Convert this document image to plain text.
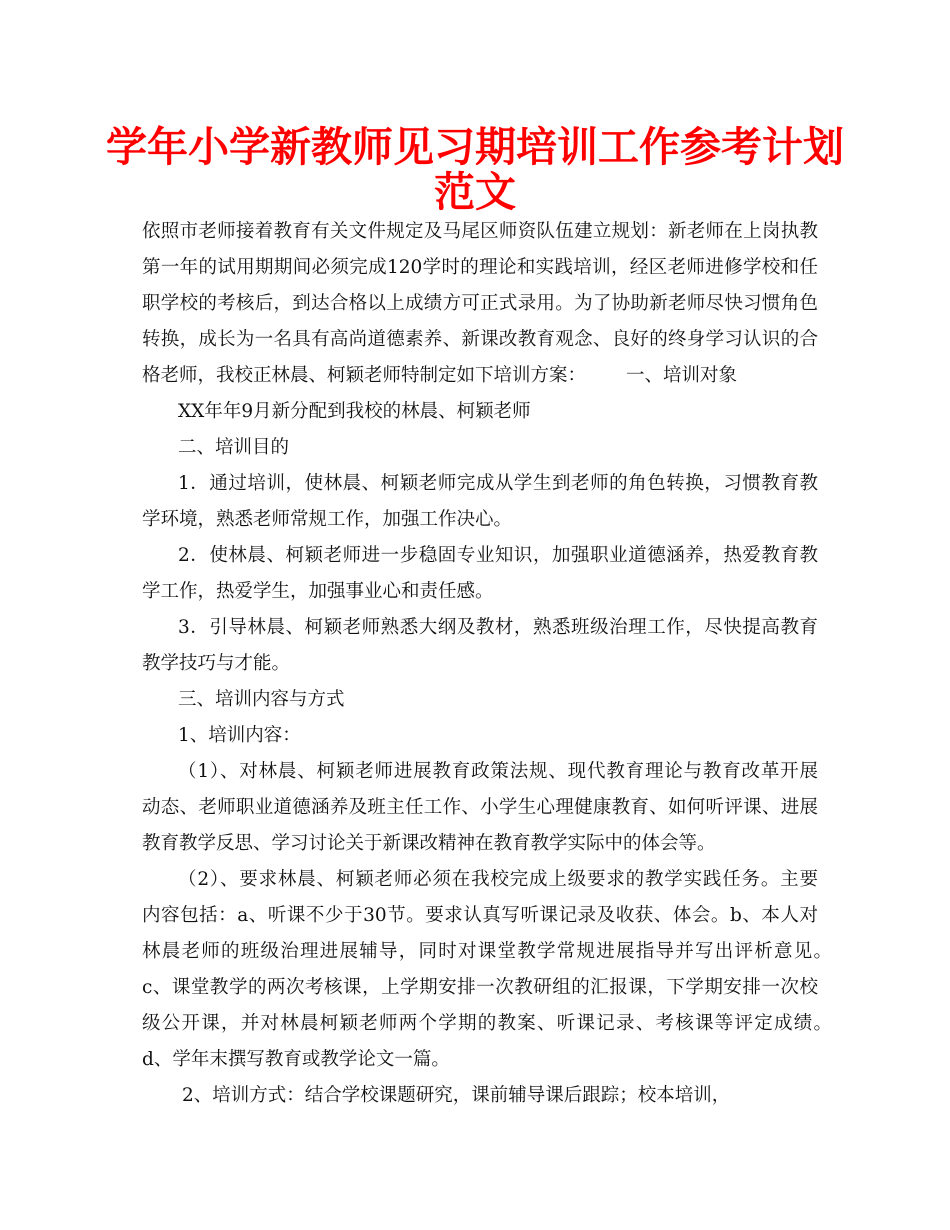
学年小学新教师见习期培训工作参考计划
范文

依照市老师接着教育有关文件规定及马尾区师资队伍建立规划：新老师在上岗执教

第一年的试用期期间必须完成120学时的理论和实践培训，经区老师进修学校和任

职学校的考核后，到达合格以上成绩方可正式录用。为了协助新老师尽快习惯角色

转换，成长为一名具有高尚道德素养、新课改教育观念、良好的终身学习认识的合

格老师，我校正林晨、柯颖老师特制定如下培训方案：	一、培训对象

XX年年9月新分配到我校的林晨、柯颖老师

二、培训目的

1．通过培训，使林晨、柯颖老师完成从学生到老师的角色转换，习惯教育教

学环境，熟悉老师常规工作，加强工作决心。

2．使林晨、柯颖老师进一步稳固专业知识，加强职业道德涵养，热爱教育教

学工作，热爱学生，加强事业心和责任感。

3．引导林晨、柯颖老师熟悉大纲及教材，熟悉班级治理工作，尽快提高教育

教学技巧与才能。

三、培训内容与方式

1、培训内容：

（1）、对林晨、柯颖老师进展教育政策法规、现代教育理论与教育改革开展

动态、老师职业道德涵养及班主任工作、小学生心理健康教育、如何听评课、进展

教育教学反思、学习讨论关于新课改精神在教育教学实际中的体会等。

（2）、要求林晨、柯颖老师必须在我校完成上级要求的教学实践任务。主要

内容包括：a、听课不少于30节。要求认真写听课记录及收获、体会。b、本人对

林晨老师的班级治理进展辅导，同时对课堂教学常规进展指导并写出评析意见。

c、课堂教学的两次考核课，上学期安排一次教研组的汇报课，下学期安排一次校

级公开课，并对林晨柯颖老师两个学期的教案、听课记录、考核课等评定成绩。

d、学年末撰写教育或教学论文一篇。

2、培训方式：结合学校课题研究，课前辅导课后跟踪；校本培训，
